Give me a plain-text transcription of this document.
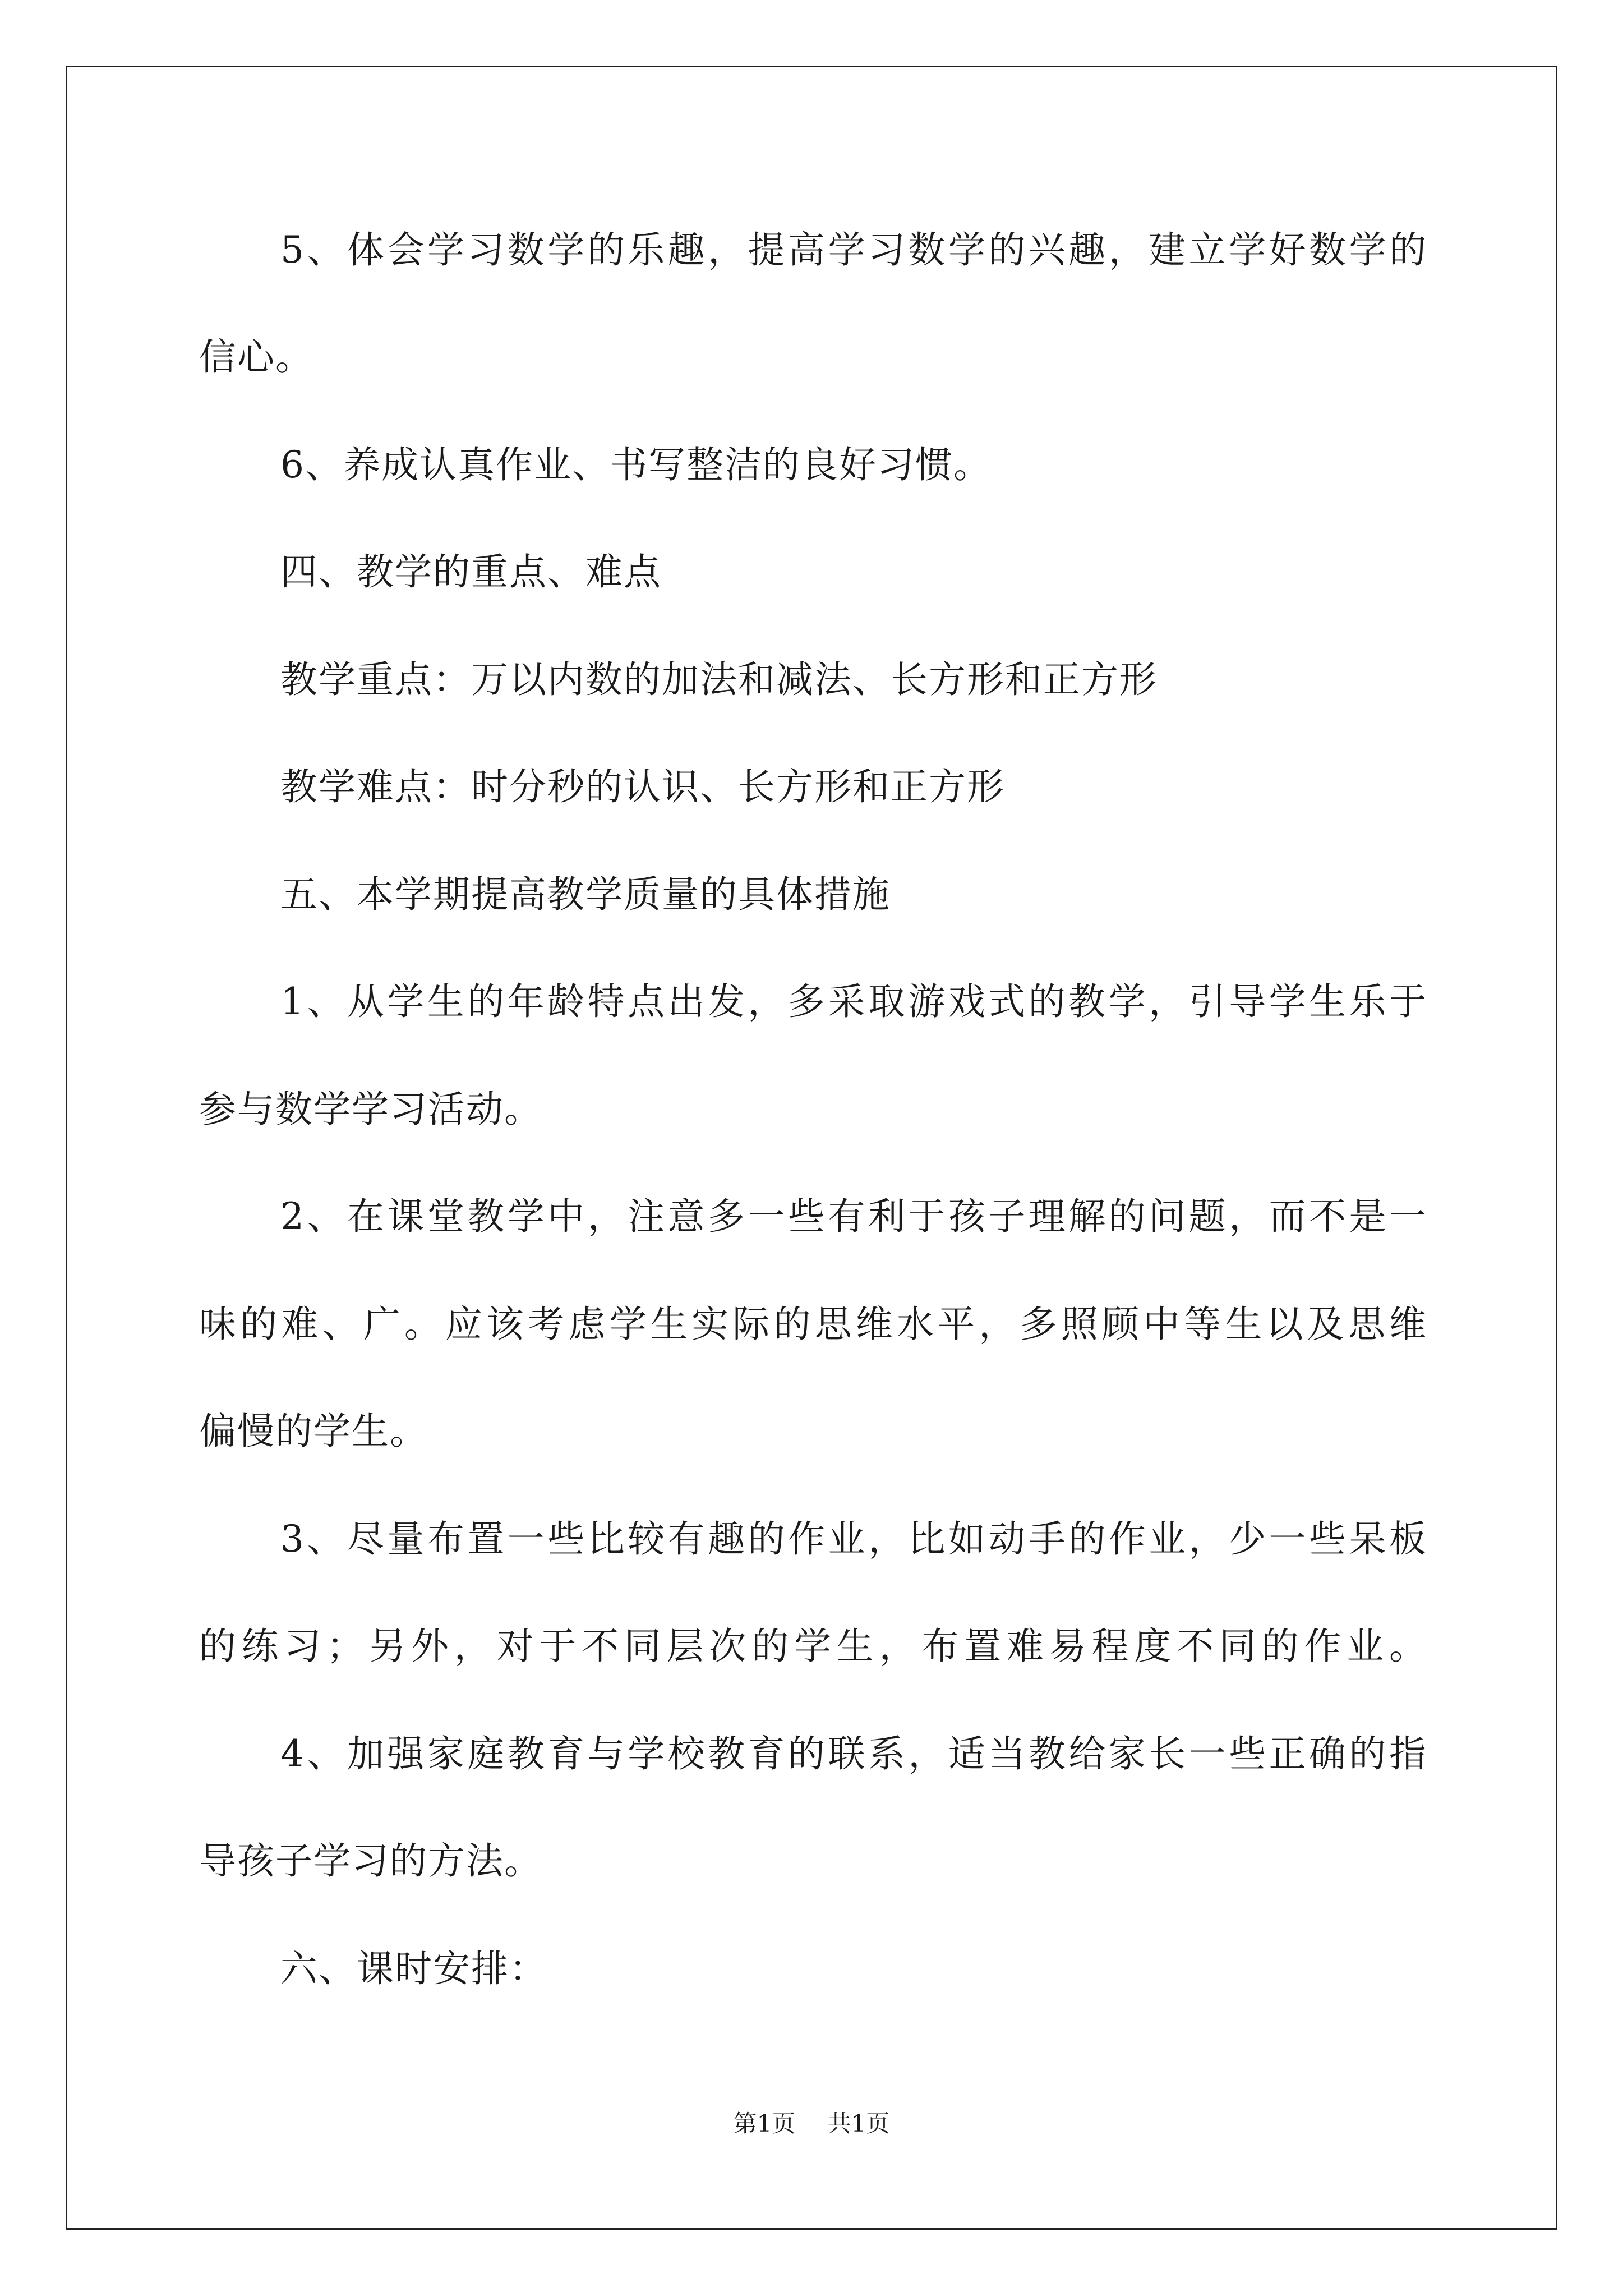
5、体会学习数学的乐趣，提高学习数学的兴趣，建立学好数学的
信心。
6、养成认真作业、书写整洁的良好习惯。
四、教学的重点、难点
教学重点：万以内数的加法和减法、长方形和正方形
教学难点：时分秒的认识、长方形和正方形
五、本学期提高教学质量的具体措施
1、从学生的年龄特点出发，多采取游戏式的教学，引导学生乐于
参与数学学习活动。
2、在课堂教学中，注意多一些有利于孩子理解的问题，而不是一
味的难、广。应该考虑学生实际的思维水平，多照顾中等生以及思维
偏慢的学生。
3、尽量布置一些比较有趣的作业，比如动手的作业，少一些呆板
的练习；另外，对于不同层次的学生，布置难易程度不同的作业。
4、加强家庭教育与学校教育的联系，适当教给家长一些正确的指
导孩子学习的方法。
六、课时安排：
第1页 共1页
